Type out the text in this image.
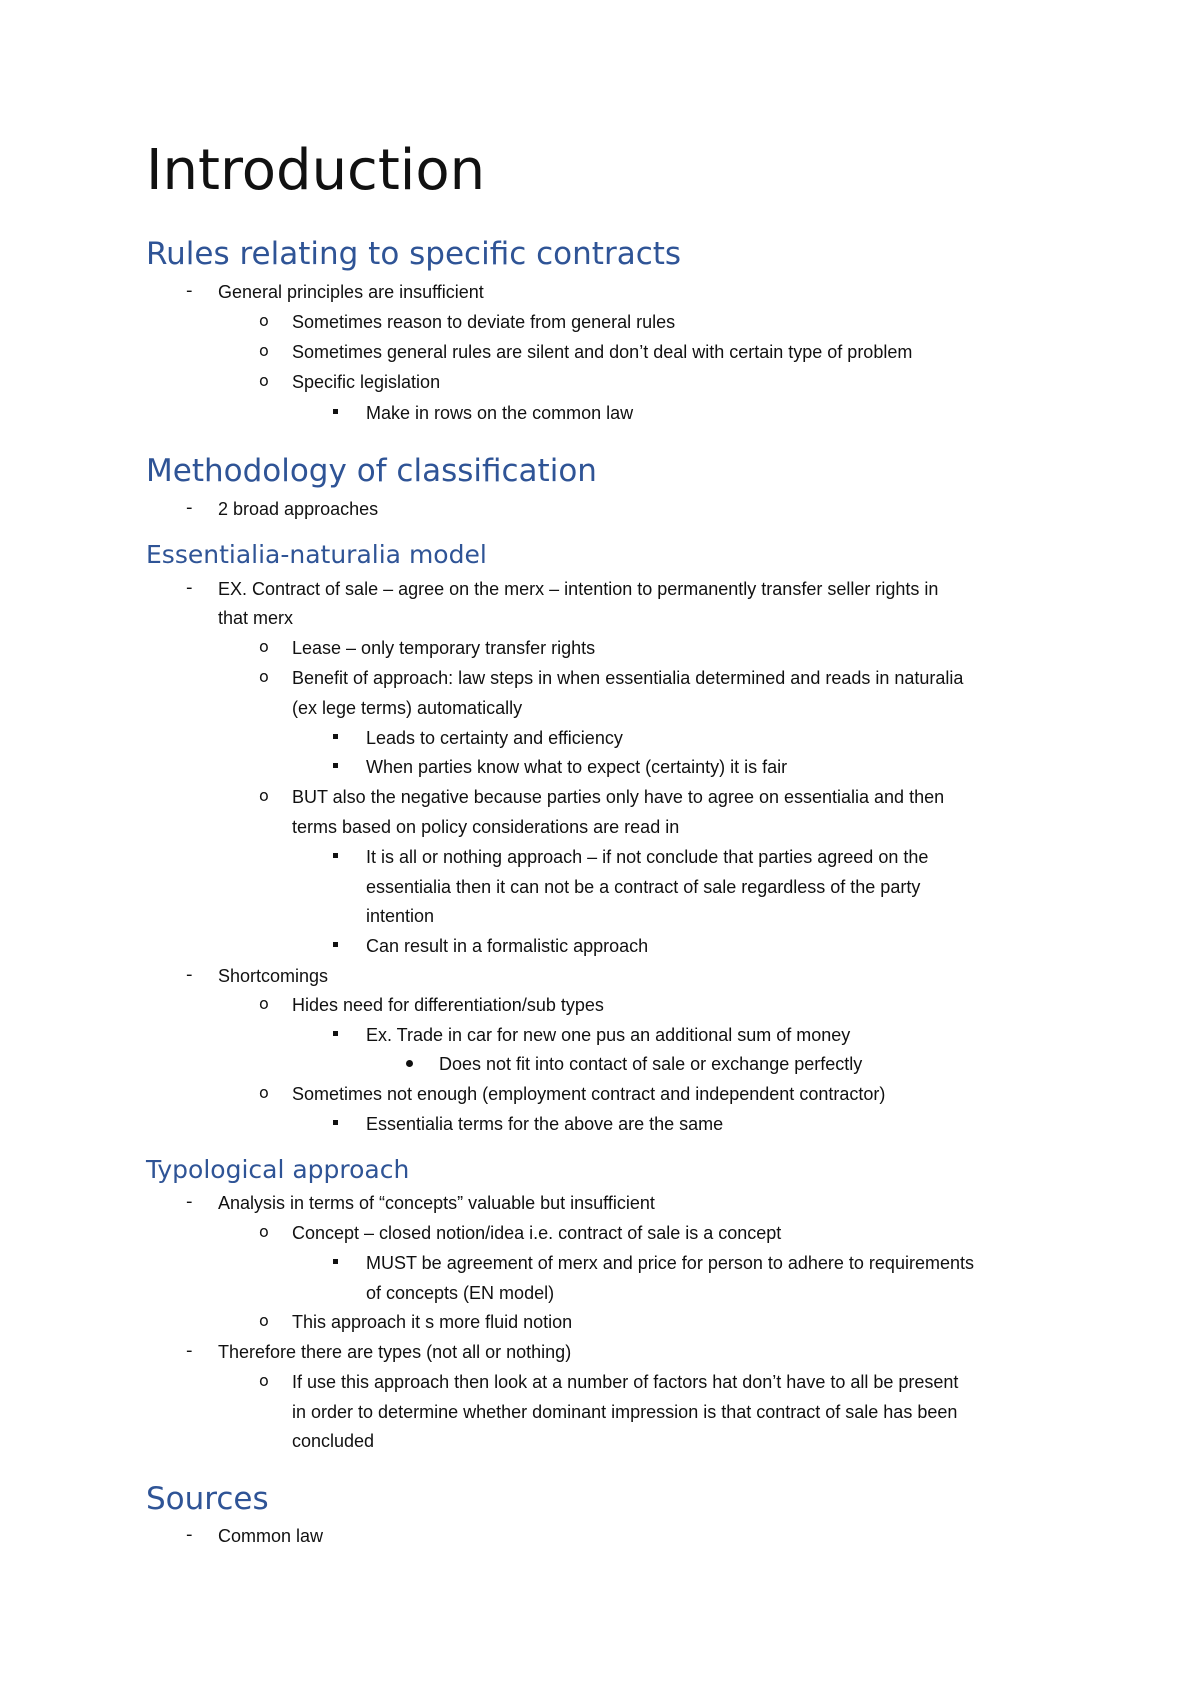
Introduction
Rules relating to specific contracts
- General principles are insufficient
o Sometimes reason to deviate from general rules
o Sometimes general rules are silent and don’t deal with certain type of problem
o Specific legislation
Make in rows on the common law
Methodology of classification
- 2 broad approaches
Essentialia-naturalia model
- EX. Contract of sale – agree on the merx – intention to permanently transfer seller rights in
that merx
o Lease – only temporary transfer rights
o Benefit of approach: law steps in when essentialia determined and reads in naturalia
(ex lege terms) automatically
Leads to certainty and efficiency
When parties know what to expect (certainty) it is fair
o BUT also the negative because parties only have to agree on essentialia and then
terms based on policy considerations are read in
It is all or nothing approach – if not conclude that parties agreed on the
essentialia then it can not be a contract of sale regardless of the party
intention
Can result in a formalistic approach
- Shortcomings
o Hides need for differentiation/sub types
Ex. Trade in car for new one pus an additional sum of money
Does not fit into contact of sale or exchange perfectly
o Sometimes not enough (employment contract and independent contractor)
Essentialia terms for the above are the same
Typological approach
- Analysis in terms of “concepts” valuable but insufficient
o Concept – closed notion/idea i.e. contract of sale is a concept
MUST be agreement of merx and price for person to adhere to requirements
of concepts (EN model)
o This approach it s more fluid notion
- Therefore there are types (not all or nothing)
o If use this approach then look at a number of factors hat don’t have to all be present
in order to determine whether dominant impression is that contract of sale has been
concluded
Sources
- Common law
